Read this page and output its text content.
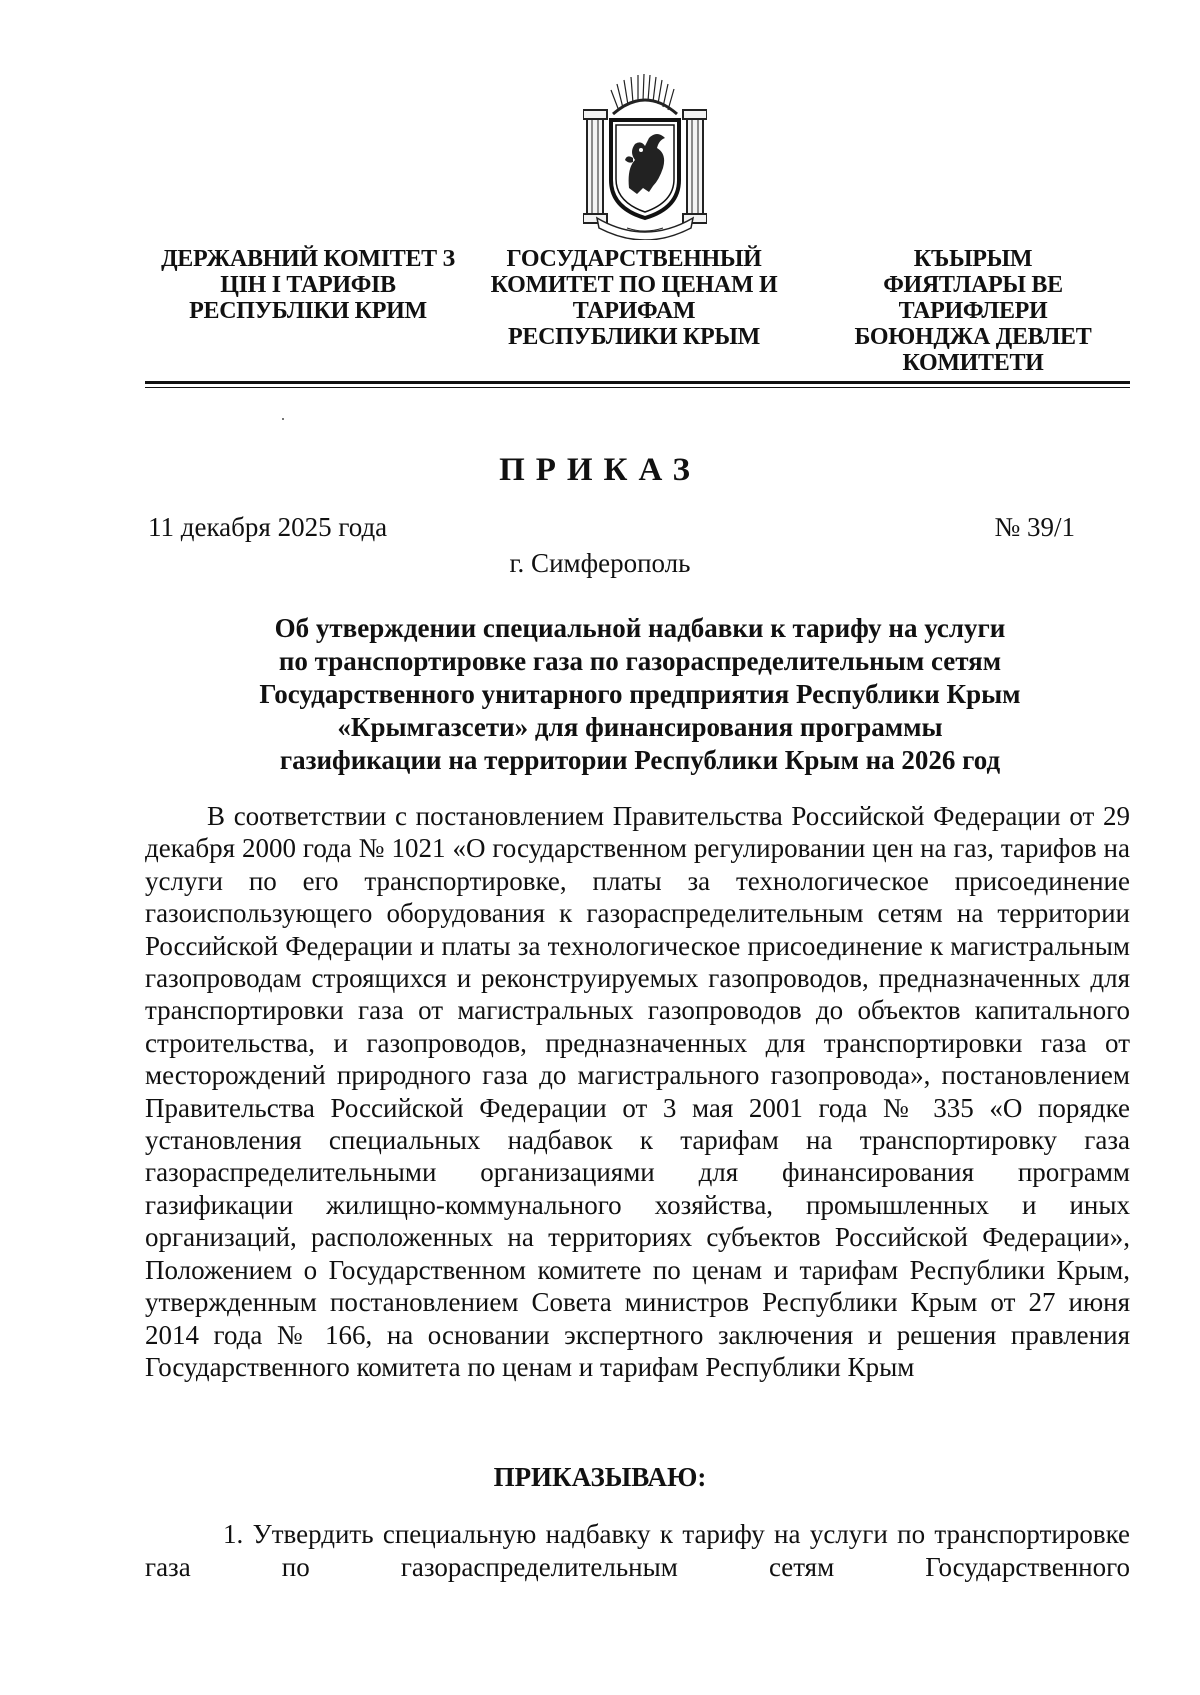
ДЕРЖАВНИЙ КОМІТЕТ З
ЦІН І ТАРИФІВ
РЕСПУБЛІКИ КРИМ
ГОСУДАРСТВЕННЫЙ
КОМИТЕТ ПО ЦЕНАМ И
ТАРИФАМ
РЕСПУБЛИКИ КРЫМ
КЪЫРЫМ
ФИЯТЛАРЫ ВЕ ТАРИФЛЕРИ
БОЮНДЖА ДЕВЛЕТ
КОМИТЕТИ
ПРИКАЗ
11 декабря 2025 года	№ 39/1
г. Симферополь
Об утверждении специальной надбавки к тарифу на услуги
по транспортировке газа по газораспределительным сетям
Государственного унитарного предприятия Республики Крым
«Крымгазсети» для финансирования программы
газификации на территории Республики Крым на 2026 год

В соответствии с постановлением Правительства Российской Федерации от 29 декабря 2000 года № 1021 «О государственном регулировании цен на газ, тарифов на услуги по его транспортировке, платы за технологическое присоединение газоиспользующего оборудования к газораспределительным сетям на территории Российской Федерации и платы за технологическое присоединение к магистральным газопроводам строящихся и реконструируемых газопроводов, предназначенных для транспортировки газа от магистральных газопроводов до объектов капитального строительства, и газопроводов, предназначенных для транспортировки газа от месторождений природного газа до магистрального газопровода», постановлением Правительства Российской Федерации от 3 мая 2001 года № 335 «О порядке установления специальных надбавок к тарифам на транспортировку газа газораспределительными организациями для финансирования программ газификации жилищно-коммунального хозяйства, промышленных и иных организаций, расположенных на территориях субъектов Российской Федерации», Положением о Государственном комитете по ценам и тарифам Республики Крым, утвержденным постановлением Совета министров Республики Крым от 27 июня 2014 года № 166, на основании экспертного заключения и решения правления Государственного комитета по ценам и тарифам Республики Крым

ПРИКАЗЫВАЮ:

1. Утвердить специальную надбавку к тарифу на услуги по транспортировке газа по газораспределительным сетям Государственного
